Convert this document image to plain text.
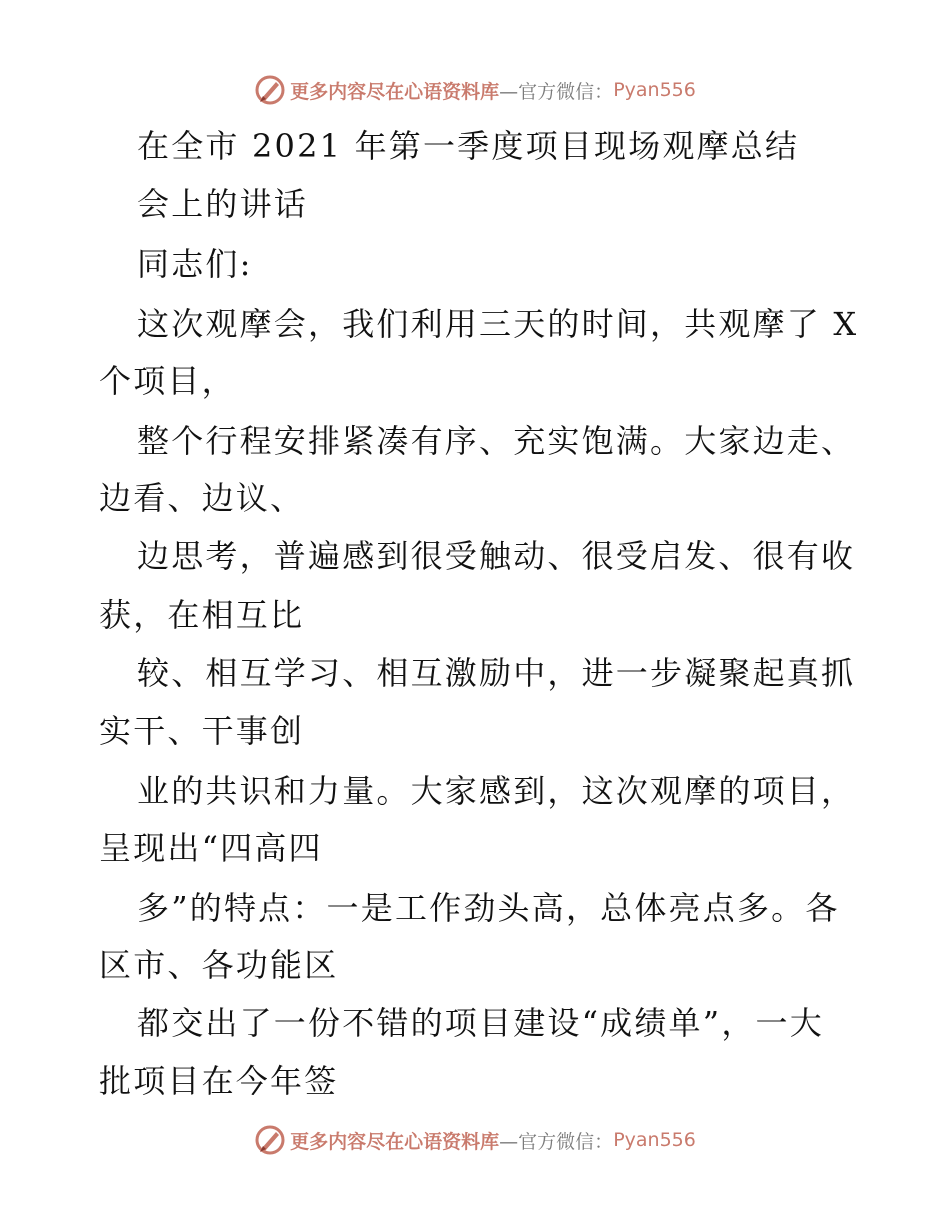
更多内容尽在心语资料库 —官方微信： Pyan556
在全市 2021 年第一季度项目现场观摩总结
会上的讲话
同志们:
这次观摩会，我们利用三天的时间，共观摩了 X
个项目，
整个行程安排紧凑有序、充实饱满。大家边走、
边看、边议、
边思考，普遍感到很受触动、很受启发、很有收
获，在相互比
较、相互学习、相互激励中，进一步凝聚起真抓
实干、干事创
业的共识和力量。大家感到，这次观摩的项目，
呈现出“四高四
多”的特点：一是工作劲头高，总体亮点多。各
区市、各功能区
都交出了一份不错的项目建设“成绩单”，一大
批项目在今年签
更多内容尽在心语资料库 —官方微信： Pyan556
